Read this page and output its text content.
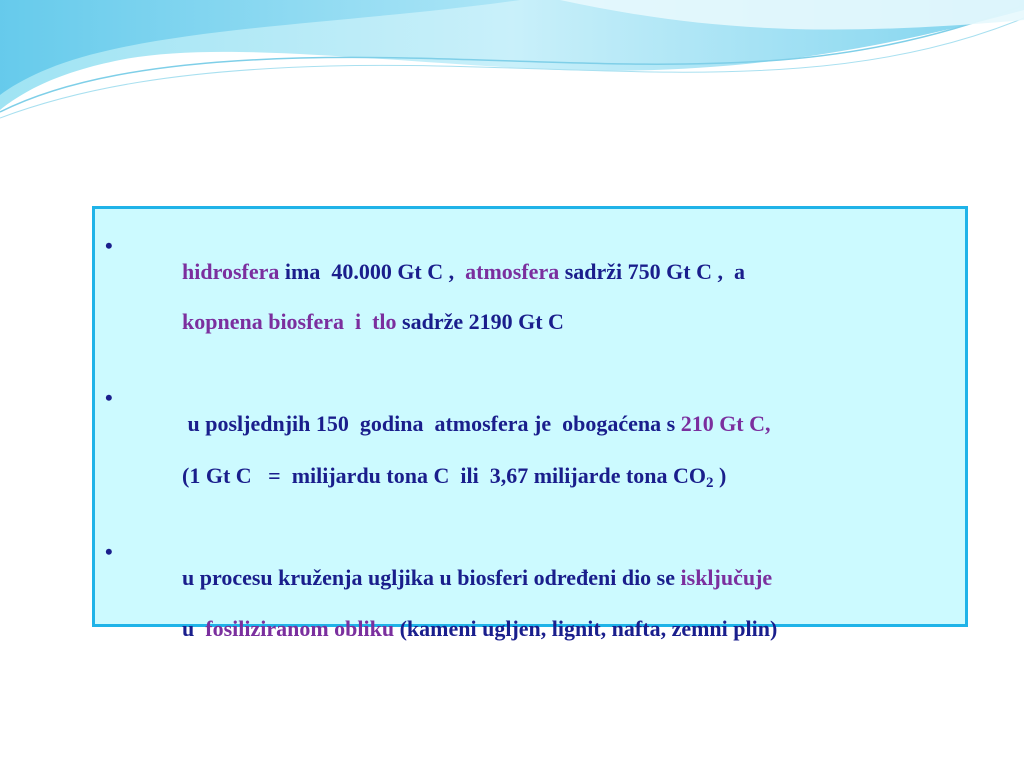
•

hidrosfera ima  40.000 Gt C ,  atmosfera sadrži 750 Gt C ,  a

kopnena biosfera  i  tlo sadrže 2190 Gt C

•

u posljednjih 150  godina  atmosfera je  obogaćena s 210 Gt C,

(1 Gt C   =  milijardu tona C  ili  3,67 milijarde tona $CO_2$ )

•

u procesu kruženja ugljika u biosferi određeni dio se isključuje

u  fosiliziranom obliku (kameni ugljen, lignit, nafta, zemni plin)
